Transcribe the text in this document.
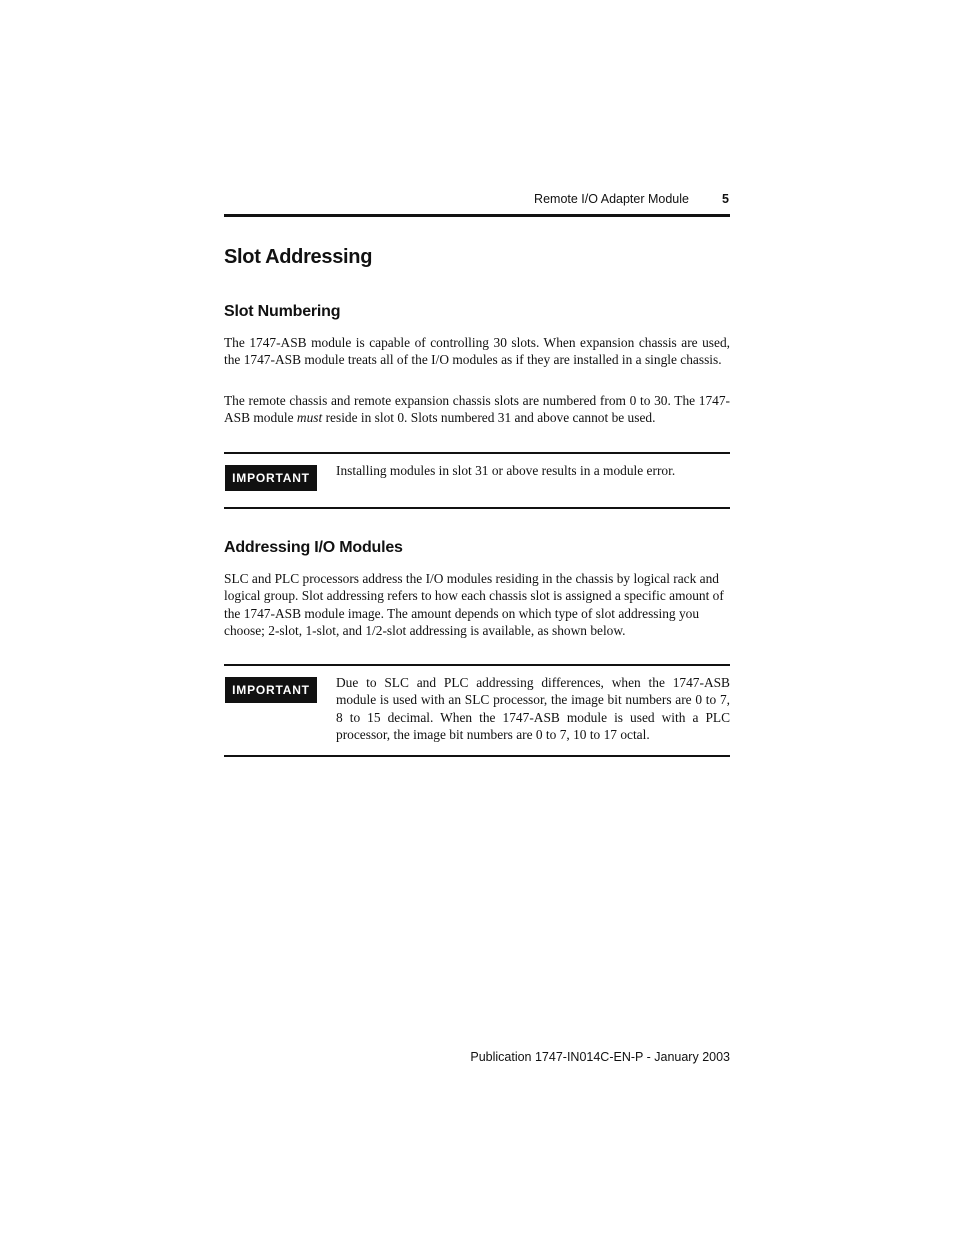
Remote I/O Adapter Module	5
Slot Addressing
Slot Numbering

The 1747-ASB module is capable of controlling 30 slots. When expansion chassis are used, the 1747-ASB module treats all of the I/O modules as if they are installed in a single chassis.

The remote chassis and remote expansion chassis slots are numbered from 0 to 30. The 1747-ASB module must reside in slot 0. Slots numbered 31 and above cannot be used.

IMPORTANT	Installing modules in slot 31 or above results in a module error.

Addressing I/O Modules

SLC and PLC processors address the I/O modules residing in the chassis by logical rack and logical group. Slot addressing refers to how each chassis slot is assigned a specific amount of the 1747-ASB module image. The amount depends on which type of slot addressing you choose; 2-slot, 1-slot, and 1/2-slot addressing is available, as shown below.

IMPORTANT	Due to SLC and PLC addressing differences, when the 1747-ASB module is used with an SLC processor, the image bit numbers are 0 to 7, 8 to 15 decimal. When the 1747-ASB module is used with a PLC processor, the image bit numbers are 0 to 7, 10 to 17 octal.

Publication 1747-IN014C-EN-P - January 2003
